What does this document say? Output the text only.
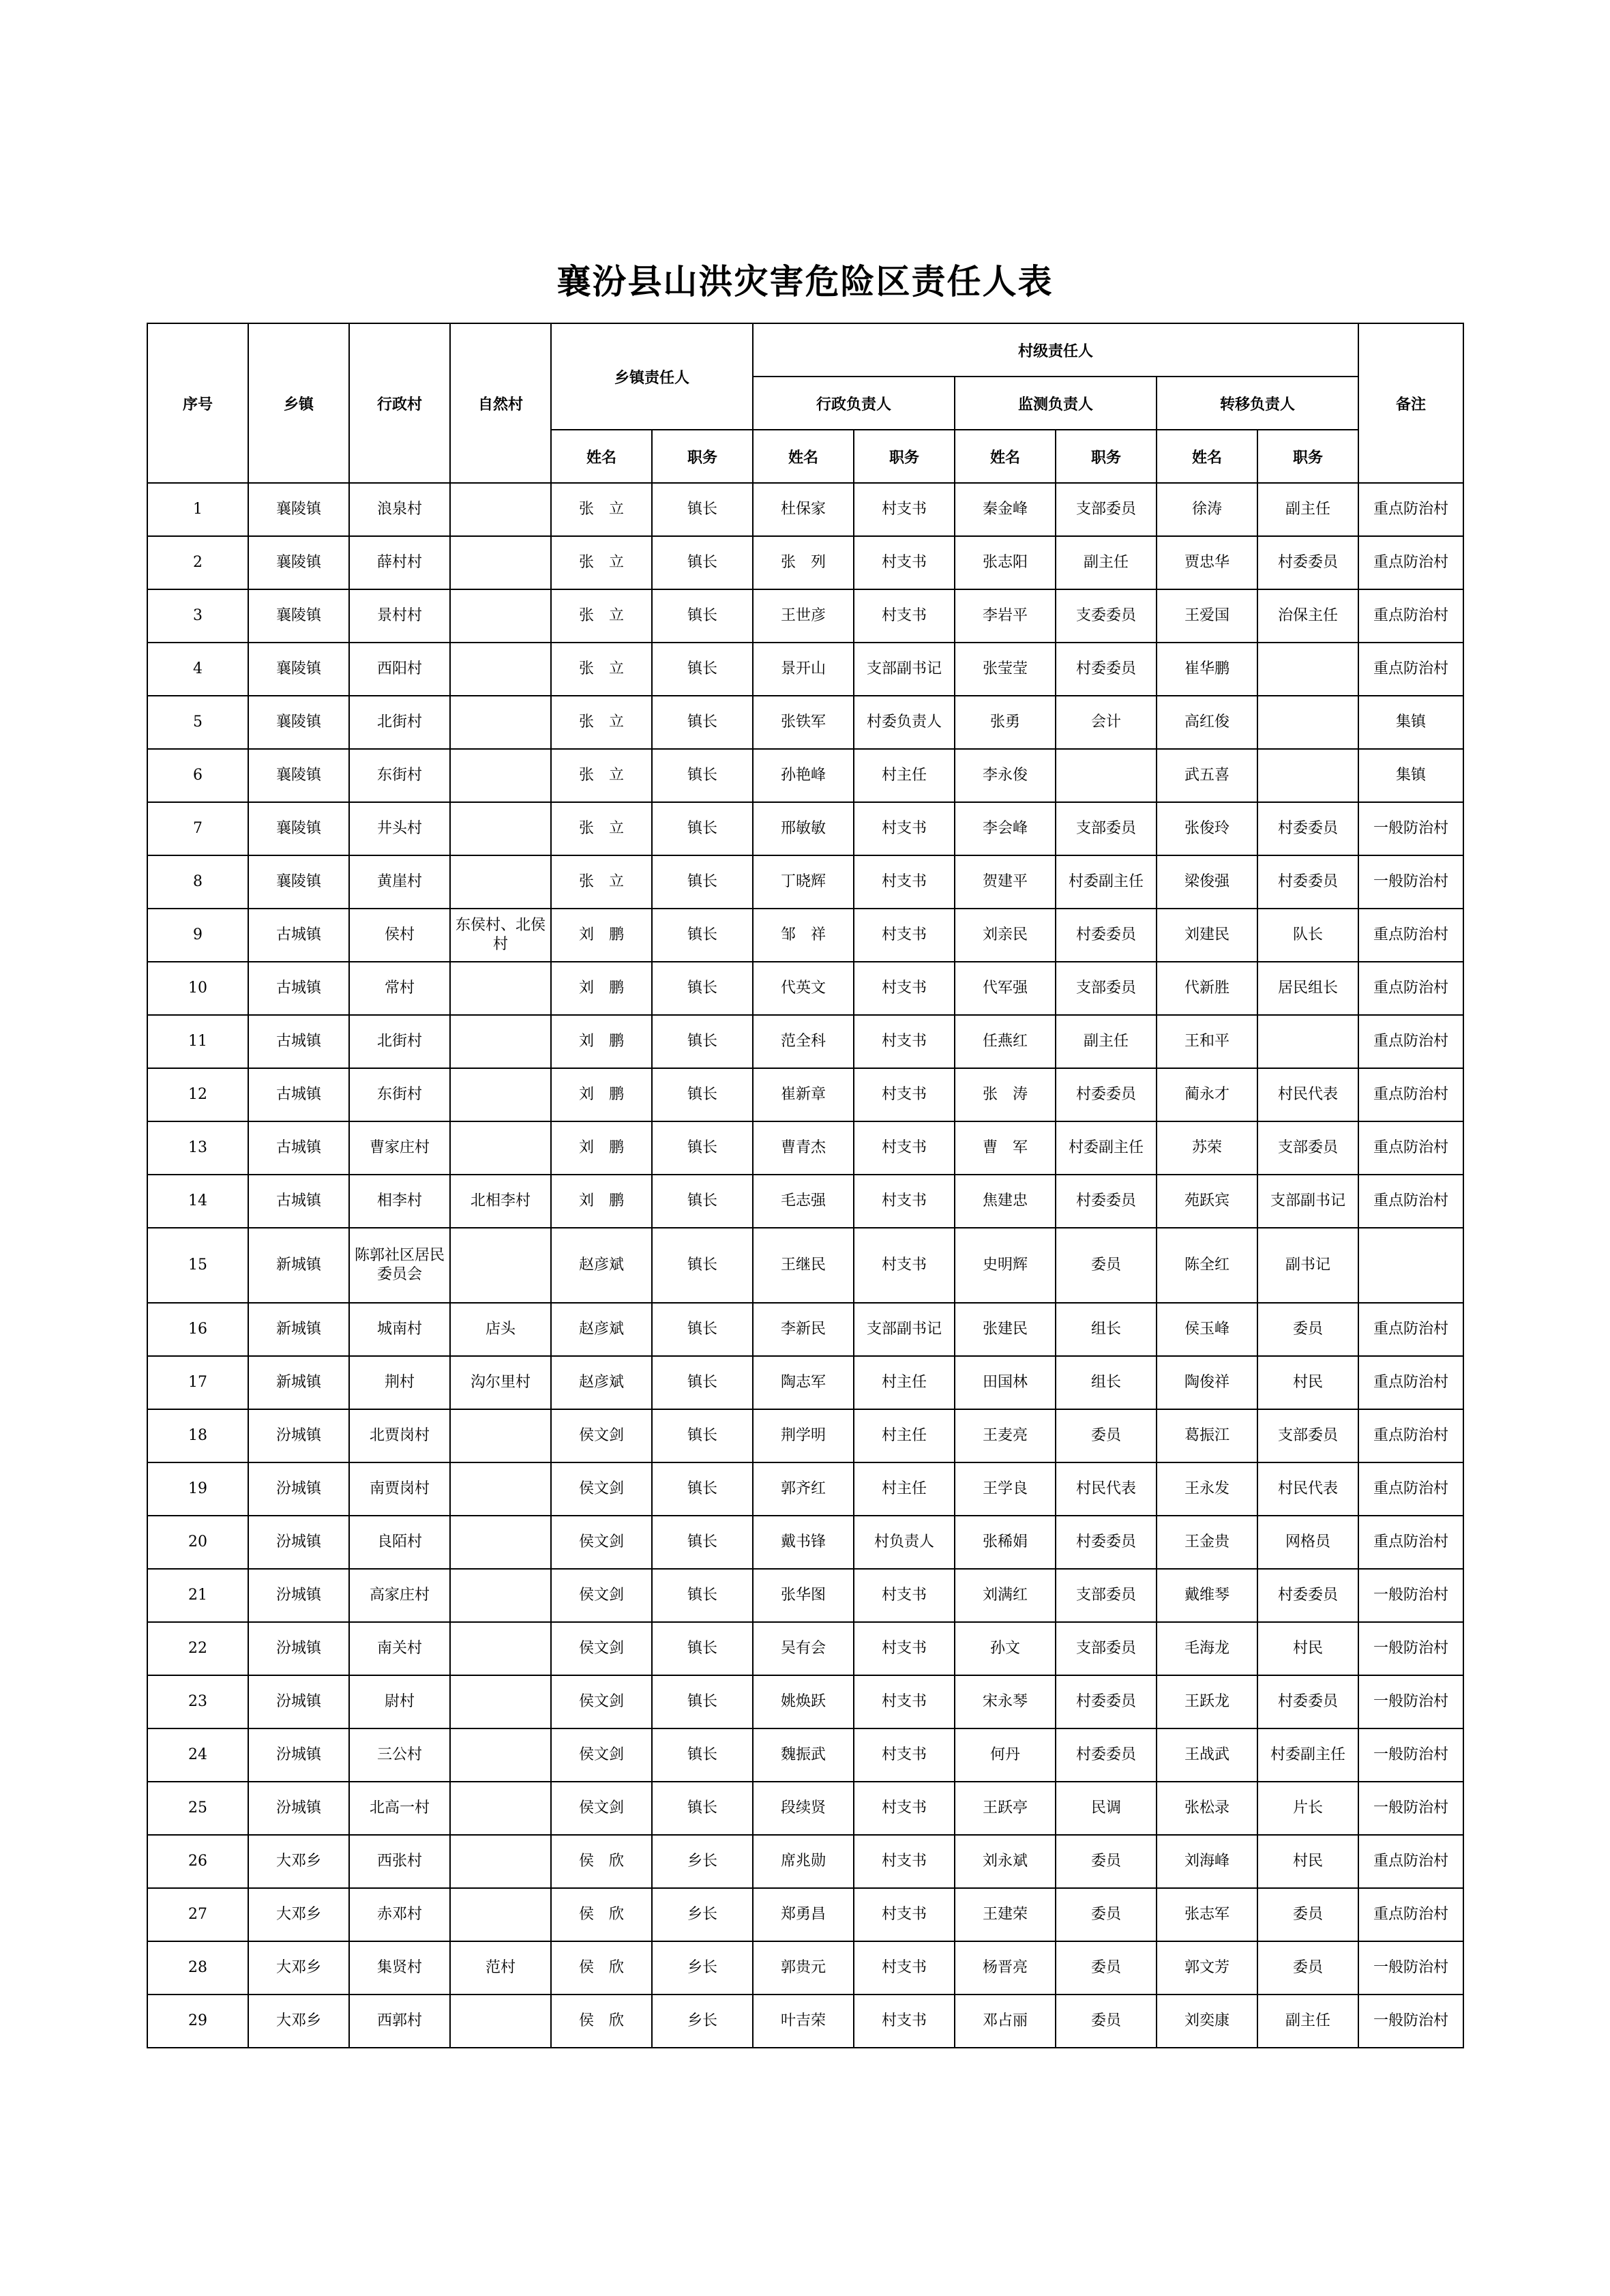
襄汾县山洪灾害危险区责任人表
序号	乡镇	行政村	自然村	乡镇责任人		村级责任人						备注
						行政负责人		监测负责人		转移负责人		
				姓名	职务	姓名	职务	姓名	职务	姓名	职务	
1	襄陵镇	浪泉村		张　立	镇长	杜保家	村支书	秦金峰	支部委员	徐涛	副主任	重点防治村
2	襄陵镇	薛村村		张　立	镇长	张　列	村支书	张志阳	副主任	贾忠华	村委委员	重点防治村
3	襄陵镇	景村村		张　立	镇长	王世彦	村支书	李岩平	支委委员	王爱国	治保主任	重点防治村
4	襄陵镇	西阳村		张　立	镇长	景开山	支部副书记	张莹莹	村委委员	崔华鹏		重点防治村
5	襄陵镇	北街村		张　立	镇长	张铁军	村委负责人	张勇	会计	高红俊		集镇
6	襄陵镇	东街村		张　立	镇长	孙艳峰	村主任	李永俊		武五喜		集镇
7	襄陵镇	井头村		张　立	镇长	邢敏敏	村支书	李会峰	支部委员	张俊玲	村委委员	一般防治村
8	襄陵镇	黄崖村		张　立	镇长	丁晓辉	村支书	贺建平	村委副主任	梁俊强	村委委员	一般防治村
9	古城镇	侯村	东侯村、北侯村	刘　鹏	镇长	邹　祥	村支书	刘亲民	村委委员	刘建民	队长	重点防治村
10	古城镇	常村		刘　鹏	镇长	代英文	村支书	代军强	支部委员	代新胜	居民组长	重点防治村
11	古城镇	北街村		刘　鹏	镇长	范全科	村支书	任燕红	副主任	王和平		重点防治村
12	古城镇	东街村		刘　鹏	镇长	崔新章	村支书	张　涛	村委委员	蔺永才	村民代表	重点防治村
13	古城镇	曹家庄村		刘　鹏	镇长	曹青杰	村支书	曹　军	村委副主任	苏荣	支部委员	重点防治村
14	古城镇	相李村	北相李村	刘　鹏	镇长	毛志强	村支书	焦建忠	村委委员	苑跃宾	支部副书记	重点防治村
15	新城镇	陈郭社区居民委员会		赵彦斌	镇长	王继民	村支书	史明辉	委员	陈全红	副书记	
16	新城镇	城南村	店头	赵彦斌	镇长	李新民	支部副书记	张建民	组长	侯玉峰	委员	重点防治村
17	新城镇	荆村	沟尔里村	赵彦斌	镇长	陶志军	村主任	田国林	组长	陶俊祥	村民	重点防治村
18	汾城镇	北贾岗村		侯文剑	镇长	荆学明	村主任	王麦亮	委员	葛振江	支部委员	重点防治村
19	汾城镇	南贾岗村		侯文剑	镇长	郭齐红	村主任	王学良	村民代表	王永发	村民代表	重点防治村
20	汾城镇	良陌村		侯文剑	镇长	戴书锋	村负责人	张稀娟	村委委员	王金贵	网格员	重点防治村
21	汾城镇	高家庄村		侯文剑	镇长	张华图	村支书	刘满红	支部委员	戴维琴	村委委员	一般防治村
22	汾城镇	南关村		侯文剑	镇长	吴有会	村支书	孙文	支部委员	毛海龙	村民	一般防治村
23	汾城镇	尉村		侯文剑	镇长	姚焕跃	村支书	宋永琴	村委委员	王跃龙	村委委员	一般防治村
24	汾城镇	三公村		侯文剑	镇长	魏振武	村支书	何丹	村委委员	王战武	村委副主任	一般防治村
25	汾城镇	北高一村		侯文剑	镇长	段续贤	村支书	王跃亭	民调	张松录	片长	一般防治村
26	大邓乡	西张村		侯　欣	乡长	席兆勋	村支书	刘永斌	委员	刘海峰	村民	重点防治村
27	大邓乡	赤邓村		侯　欣	乡长	郑勇昌	村支书	王建荣	委员	张志军	委员	重点防治村
28	大邓乡	集贤村	范村	侯　欣	乡长	郭贵元	村支书	杨晋亮	委员	郭文芳	委员	一般防治村
29	大邓乡	西郭村		侯　欣	乡长	叶吉荣	村支书	邓占丽	委员	刘奕康	副主任	一般防治村
